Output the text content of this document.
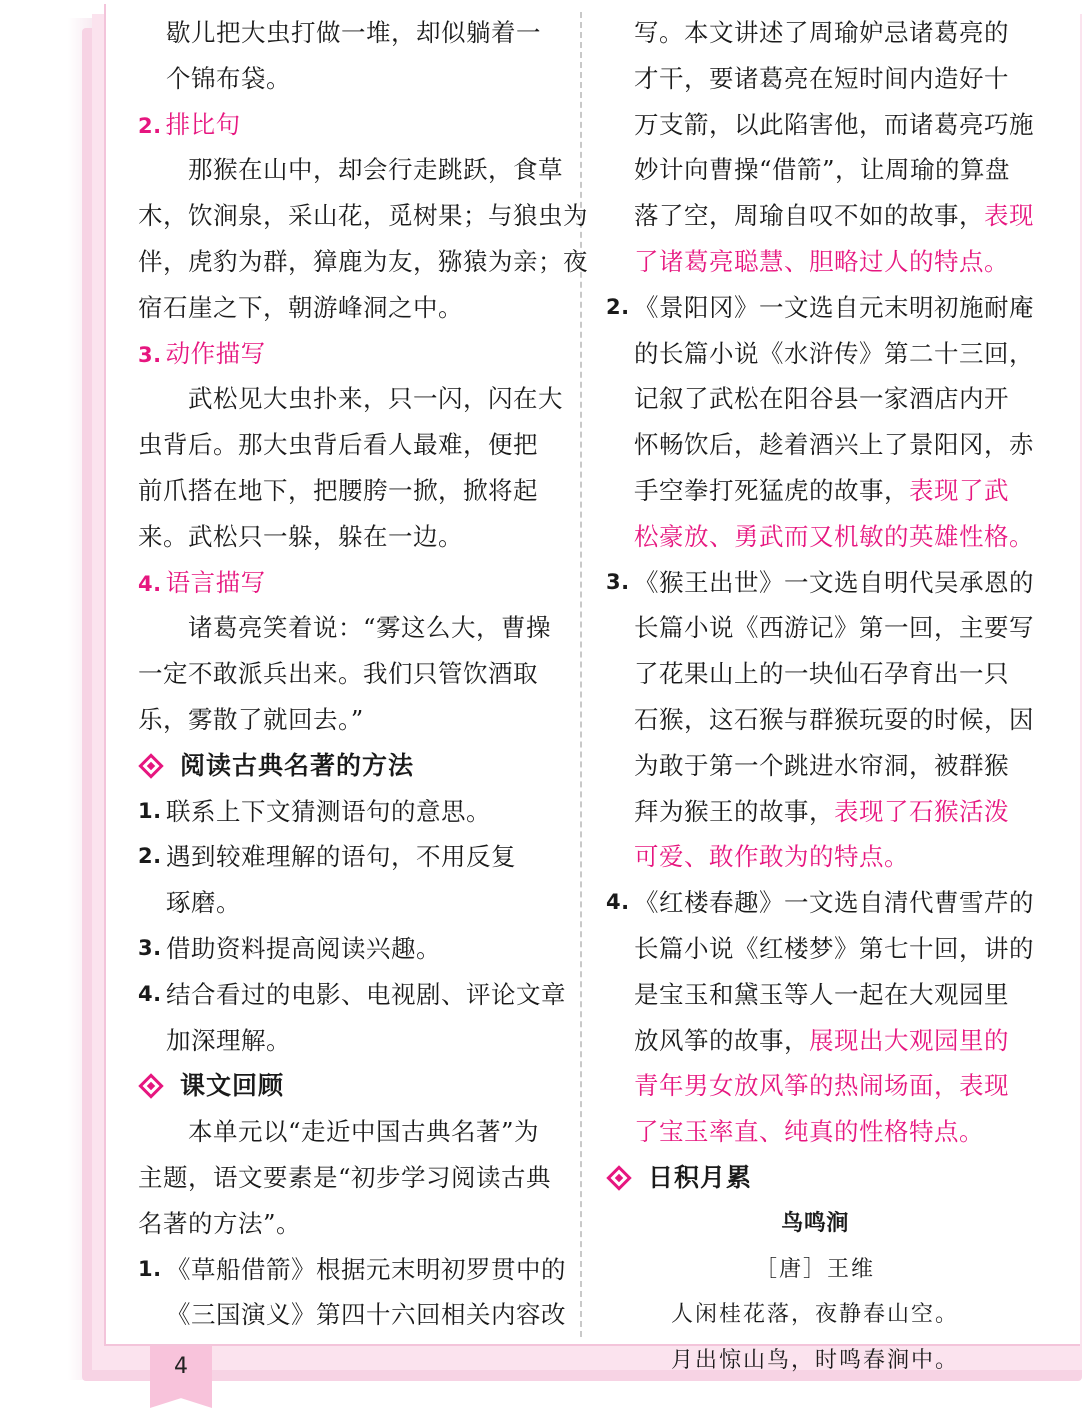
歇儿把大虫打做一堆，却似躺着一
个锦布袋。
2. 排比句
那猴在山中，却会行走跳跃，食草
木，饮涧泉，采山花，觅树果；与狼虫为
伴，虎豹为群，獐鹿为友，猕猿为亲；夜
宿石崖之下，朝游峰洞之中。
3. 动作描写
武松见大虫扑来，只一闪，闪在大
虫背后。那大虫背后看人最难，便把
前爪搭在地下，把腰胯一掀，掀将起
来。武松只一躲，躲在一边。
4. 语言描写
诸葛亮笑着说：“雾这么大，曹操
一定不敢派兵出来。我们只管饮酒取
乐，雾散了就回去。”
阅读古典名著的方法
1. 联系上下文猜测语句的意思。
2. 遇到较难理解的语句，不用反复
琢磨。
3. 借助资料提高阅读兴趣。
4. 结合看过的电影、电视剧、评论文章
加深理解。
课文回顾
本单元以“走近中国古典名著”为
主题，语文要素是“初步学习阅读古典
名著的方法”。
1. 《草船借箭》根据元末明初罗贯中的
《三国演义》第四十六回相关内容改
写。本文讲述了周瑜妒忌诸葛亮的
才干，要诸葛亮在短时间内造好十
万支箭，以此陷害他，而诸葛亮巧施
妙计向曹操“借箭”，让周瑜的算盘
落了空，周瑜自叹不如的故事，表现
了诸葛亮聪慧、胆略过人的特点。
2. 《景阳冈》一文选自元末明初施耐庵
的长篇小说《水浒传》第二十三回，
记叙了武松在阳谷县一家酒店内开
怀畅饮后，趁着酒兴上了景阳冈，赤
手空拳打死猛虎的故事，表现了武
松豪放、勇武而又机敏的英雄性格。
3. 《猴王出世》一文选自明代吴承恩的
长篇小说《西游记》第一回，主要写
了花果山上的一块仙石孕育出一只
石猴，这石猴与群猴玩耍的时候，因
为敢于第一个跳进水帘洞，被群猴
拜为猴王的故事，表现了石猴活泼
可爱、敢作敢为的特点。
4. 《红楼春趣》一文选自清代曹雪芹的
长篇小说《红楼梦》第七十回，讲的
是宝玉和黛玉等人一起在大观园里
放风筝的故事，展现出大观园里的
青年男女放风筝的热闹场面，表现
了宝玉率直、纯真的性格特点。
日积月累
鸟鸣涧
［唐］王维
人闲桂花落，夜静春山空。
月出惊山鸟，时鸣春涧中。
4
